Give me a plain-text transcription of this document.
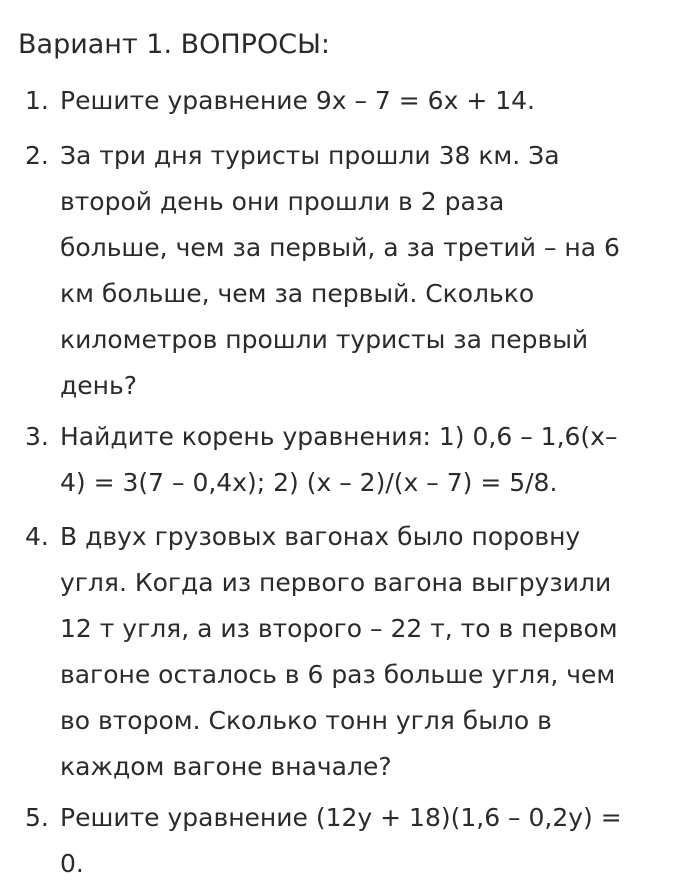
Вариант 1. ВОПРОСЫ:
1. Решите уравнение 9x – 7 = 6x + 14.
2. За три дня туристы прошли 38 км. За
второй день они прошли в 2 раза
больше, чем за первый, а за третий – на 6
км больше, чем за первый. Сколько
километров прошли туристы за первый
день?
3. Найдите корень уравнения: 1) 0,6 – 1,6(x–
4) = 3(7 – 0,4x); 2) (x – 2)/(x – 7) = 5/8.
4. В двух грузовых вагонах было поровну
угля. Когда из первого вагона выгрузили
12 т угля, а из второго – 22 т, то в первом
вагоне осталось в 6 раз больше угля, чем
во втором. Сколько тонн угля было в
каждом вагоне вначале?
5. Решите уравнение (12y + 18)(1,6 – 0,2y) =
0.
